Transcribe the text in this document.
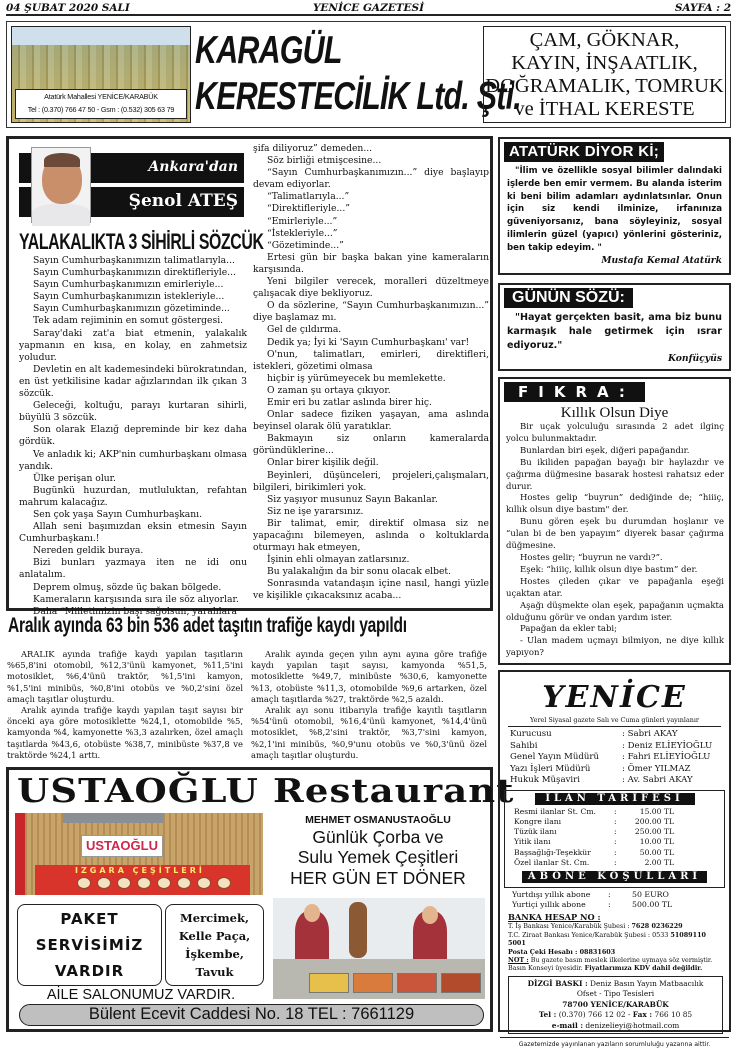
04 ŞUBAT 2020 SALI	YENİCE GAZETESİ	SAYFA : 2
Atatürk Mahallesi YENİCE/KARABÜK
Tel : (0.370) 766 47 50 - Gsm : (0.532) 305 63 79
KARAGÜL
KERESTECİLİK Ltd. Şti.
ÇAM, GÖKNAR,
KAYIN, İNŞAATLIK,
DOĞRAMALIK, TOMRUK
ve İTHAL KERESTE
Ankara'dan
Şenol ATEŞ
YALAKALIKTA 3 SİHİRLİ SÖZCÜK

Sayın Cumhurbaşkanımızın talimatlarıyla...

Sayın Cumhurbaşkanımızın direktifleriyle...

Sayın Cumhurbaşkanımızın emirleriyle...

Sayın Cumhurbaşkanımızın istekleriyle...

Sayın Cumhurbaşkanımızın gözetiminde...

Tek adam rejiminin en somut göstergesi.

Saray'daki zat'a biat etmenin, yalakalık yapmanın en kısa, en kolay, en zahmetsiz yoludur.

Devletin en alt kademesindeki bürokratından, en üst yetkilisine kadar ağızlarından ilk çıkan 3 sözcük.

Geleceği, koltuğu, parayı kurtaran sihirli, büyülü 3 sözcük.

Son olarak Elazığ depreminde bir kez daha gördük.

Ve anladık ki; AKP'nin cumhurbaşkanı olmasa yandık.

Ülke perişan olur.

Bugünkü huzurdan, mutluluktan, refahtan mahrum kalacağız.

Sen çok yaşa Sayın Cumhurbaşkanı.

Allah seni başımızdan eksin etmesin Sayın Cumhurbaşkanı.!

Nereden geldik buraya.

Bizi bunları yazmaya iten ne idi onu anlatalım.

Deprem olmuş, sözde üç bakan bölgede.

Kameraların karşısında sıra ile söz alıyorlar.

Daha “Milletimizin başı sağolsun, yaralılara

şifa diliyoruz” demeden...

Söz birliği etmişcesine...

“Sayın Cumhurbaşkanımızın...” diye başlayıp devam ediyorlar.

“Talimatlarıyla...”

“Direktifleriyle...”

“Emirleriyle...”

“İstekleriyle...”

“Gözetiminde...”

Ertesi gün bir başka bakan yine kameraların karşısında.

Yeni bilgiler verecek, moralleri düzeltmeye çalışacak diye bekliyoruz.

O da sözlerine, “Sayın Cumhurbaşkanımızın...” diye başlamaz mı.

Gel de çıldırma.

Dedik ya; İyi ki 'Sayın Cumhurbaşkanı' var!

O'nun, talimatları, emirleri, direktifleri, istekleri, gözetimi olmasa

hiçbir iş yürümeyecek bu memlekette.

O zaman şu ortaya çıkıyor.

Emir eri bu zatlar aslında birer hiç.

Onlar sadece fiziken yaşayan, ama aslında beyinsel olarak ölü yaratıklar.

Bakmayın siz onların kameralarda göründüklerine...

Onlar birer kişilik değil.

Beyinleri, düşünceleri, projeleri,çalışmaları, bilgileri, birikimleri yok.

Siz yaşıyor musunuz Sayın Bakanlar.

Siz ne işe yararsınız.

Bir talimat, emir, direktif olmasa siz ne yapacağını bilemeyen, aslında o koltuklarda oturmayı hak etmeyen,

İşinin ehli olmayan zatlarsınız.

Bu yalakalığın da bir sonu olacak elbet.

Sonrasında vatandaşın içine nasıl, hangi yüzle ve kişilikle çıkacaksınız acaba...

ATATÜRK DİYOR Kİ;

"İlim ve özellikle sosyal bilimler dalındaki işlerde ben emir vermem. Bu alanda isterim ki beni bilim adamları aydınlatsınlar. Onun için siz kendi ilminize, irfanınıza güveniyorsanız, bana söyleyiniz, sosyal ilimlerin güzel (yapıcı) yönlerini gösteriniz, ben takip edeyim. "

Mustafa Kemal Atatürk
GÜNÜN SÖZÜ:

"Hayat gerçekten basit, ama biz bunu karmaşık hale getirmek için ısrar ediyoruz."

Konfüçyüs
FIKRA:
Kıllık Olsun Diye

Bir uçak yolculuğu sırasında 2 adet ilginç yolcu bulunmaktadır.

Bunlardan biri eşek, diğeri papağandır.

Bu ikiliden papağan bayağı bir haylazdır ve çağırma düğmesine basarak hostesi rahatsız eder durur.

Hostes gelip “buyrun” dediğinde de; “hiiiç, kıllık olsun diye bastım" der.

Bunu gören eşek bu durumdan hoşlanır ve “ulan bi de ben yapayım” diyerek basar çağırma düğmesine.

Hostes gelir; “buyrun ne vardı?”.

Eşek: “hiiiç, kıllık olsun diye bastım” der.

Hostes çileden çıkar ve papağanla eşeği uçaktan atar.

Aşağı düşmekte olan eşek, papağanın uçmakta olduğunu görür ve ondan yardım ister.

Papağan da ekler tabi;

- Ulan madem uçmayı bilmiyon, ne diye kıllık yapıyon?

Aralık ayında 63 bin 536 adet taşıtın trafiğe kaydı yapıldı

ARALIK ayında trafiğe kaydı yapılan taşıtların %65,8'ini otomobil, %12,3'ünü kamyonet, %11,5'ini motosiklet, %6,4'ünü traktör, %1,5'ini kamyon, %1,5'ini minibüs, %0,8'ini otobüs ve %0,2'sini özel amaçlı taşıtlar oluşturdu.

Aralık ayında trafiğe kaydı yapılan taşıt sayısı bir önceki aya göre motosiklette %24,1, otomobilde %5, kamyonda %4, kamyonette %3,3 azalırken, özel amaçlı taşıtlarda %43,6, otobüste %38,7, minibüste %37,8 ve traktörde %24,1 arttı.

Aralık ayında geçen yılın aynı ayına göre trafiğe kaydı yapılan taşıt sayısı, kamyonda %51,5, motosiklette %49,7, minibüste %30,6, kamyonette %13, otobüste %11,3, otomobilde %9,6 artarken, özel amaçlı taşıtlarda %27, traktörde %2,5 azaldı.

Aralık ayı sonu itibarıyla trafiğe kayıtlı taşıtların %54'ünü otomobil, %16,4'ünü kamyonet, %14,4'ünü motosiklet, %8,2'sini traktör, %3,7'sini kamyon, %2,1'ini minibüs, %0,9'unu otobüs ve %0,3'ünü özel amaçlı taşıtlar oluşturdu.

USTAOĞLU Restaurant
USTAOĞLU
IZGARA ÇEŞİTLERİ
MEHMET OSMANUSTAOĞLU
Günlük Çorba ve
Sulu Yemek Çeşitleri
HER GÜN ET DÖNER
PAKET
SERVİSİMİZ
VARDIR
Mercimek,
Kelle Paça,
İşkembe,
Tavuk
AİLE SALONUMUZ VARDIR.
Bülent Ecevit Caddesi No. 18 TEL : 7661129
YENİCE
Yerel Siyasal gazete Salı ve Cuma günleri yayınlanır
Kurucusu	: Sabri AKAY
Sahibi	: Deniz ELİEYİOĞLU
Genel Yayın Müdürü	: Fahri ELİEYİOĞLU
Yazı İşleri Müdürü	: Ömer YILMAZ
Hukuk Müşaviri	: Av. Sabri AKAY
İLAN TARİFESİ
Resmi ilanlar St. Cm.	:	15.00 TL
Kongre ilanı	:	200.00 TL
Tüzük ilanı	:	250.00 TL
Yitik ilanı	:	10.00 TL
Başsağlığı-Teşekkür	:	50.00 TL
Özel ilanlar St. Cm.	:	2.00 TL
ABONE KOŞULLARI
Yurtdışı yıllık abone	:	50 EURO
Yurtiçi yıllık abone	:	500.00 TL
BANKA HESAP NO :
T. İş Bankası Yenice/Karabük Şubesi : 7628 0236229
T.C. Ziraat Bankası Yenice/Karabük Şubesi : 0533 51089110 5001
Posta Çeki Hesabı : 08831603
NOT : Bu gazete basın meslek ilkelerine uymaya söz vermiştir. Basın Konseyi üyesidir. Fiyatlarımıza KDV dahil değildir.
DİZGİ BASKI : Deniz Basın Yayın Matbaacılık
Ofset - Tipo Tesisleri
78700 YENİCE/KARABÜK
Tel : (0.370) 766 12 02 - Fax : 766 10 85
e-mail : denizelieyi@hotmail.com
Gazetemizde yayınlanan yazıların sorumluluğu yazarına aittir.
